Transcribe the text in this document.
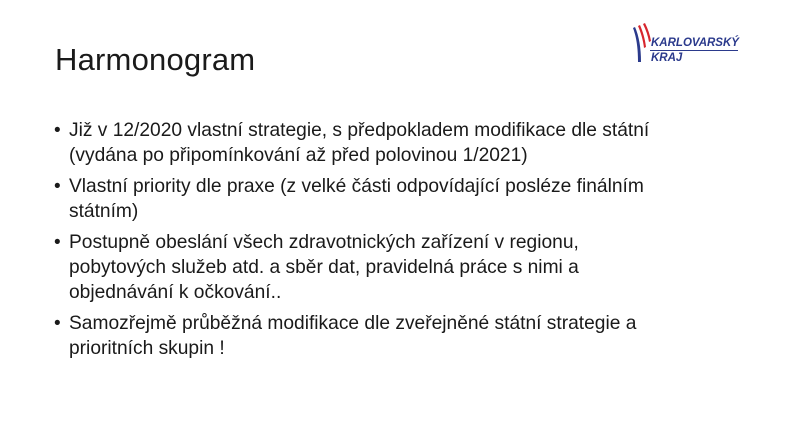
Harmonogram	KARLOVARSKÝ
KRAJ
• Již v 12/2020 vlastní strategie, s předpokladem modifikace dle státní
(vydána po připomínkování až před polovinou 1/2021)
• Vlastní priority dle praxe (z velké části odpovídající posléze finálním
státním)
• Postupně obeslání všech zdravotnických zařízení v regionu,
pobytových služeb atd. a sběr dat, pravidelná práce s nimi a
objednávání k očkování..
• Samozřejmě průběžná modifikace dle zveřejněné státní strategie a
prioritních skupin !
